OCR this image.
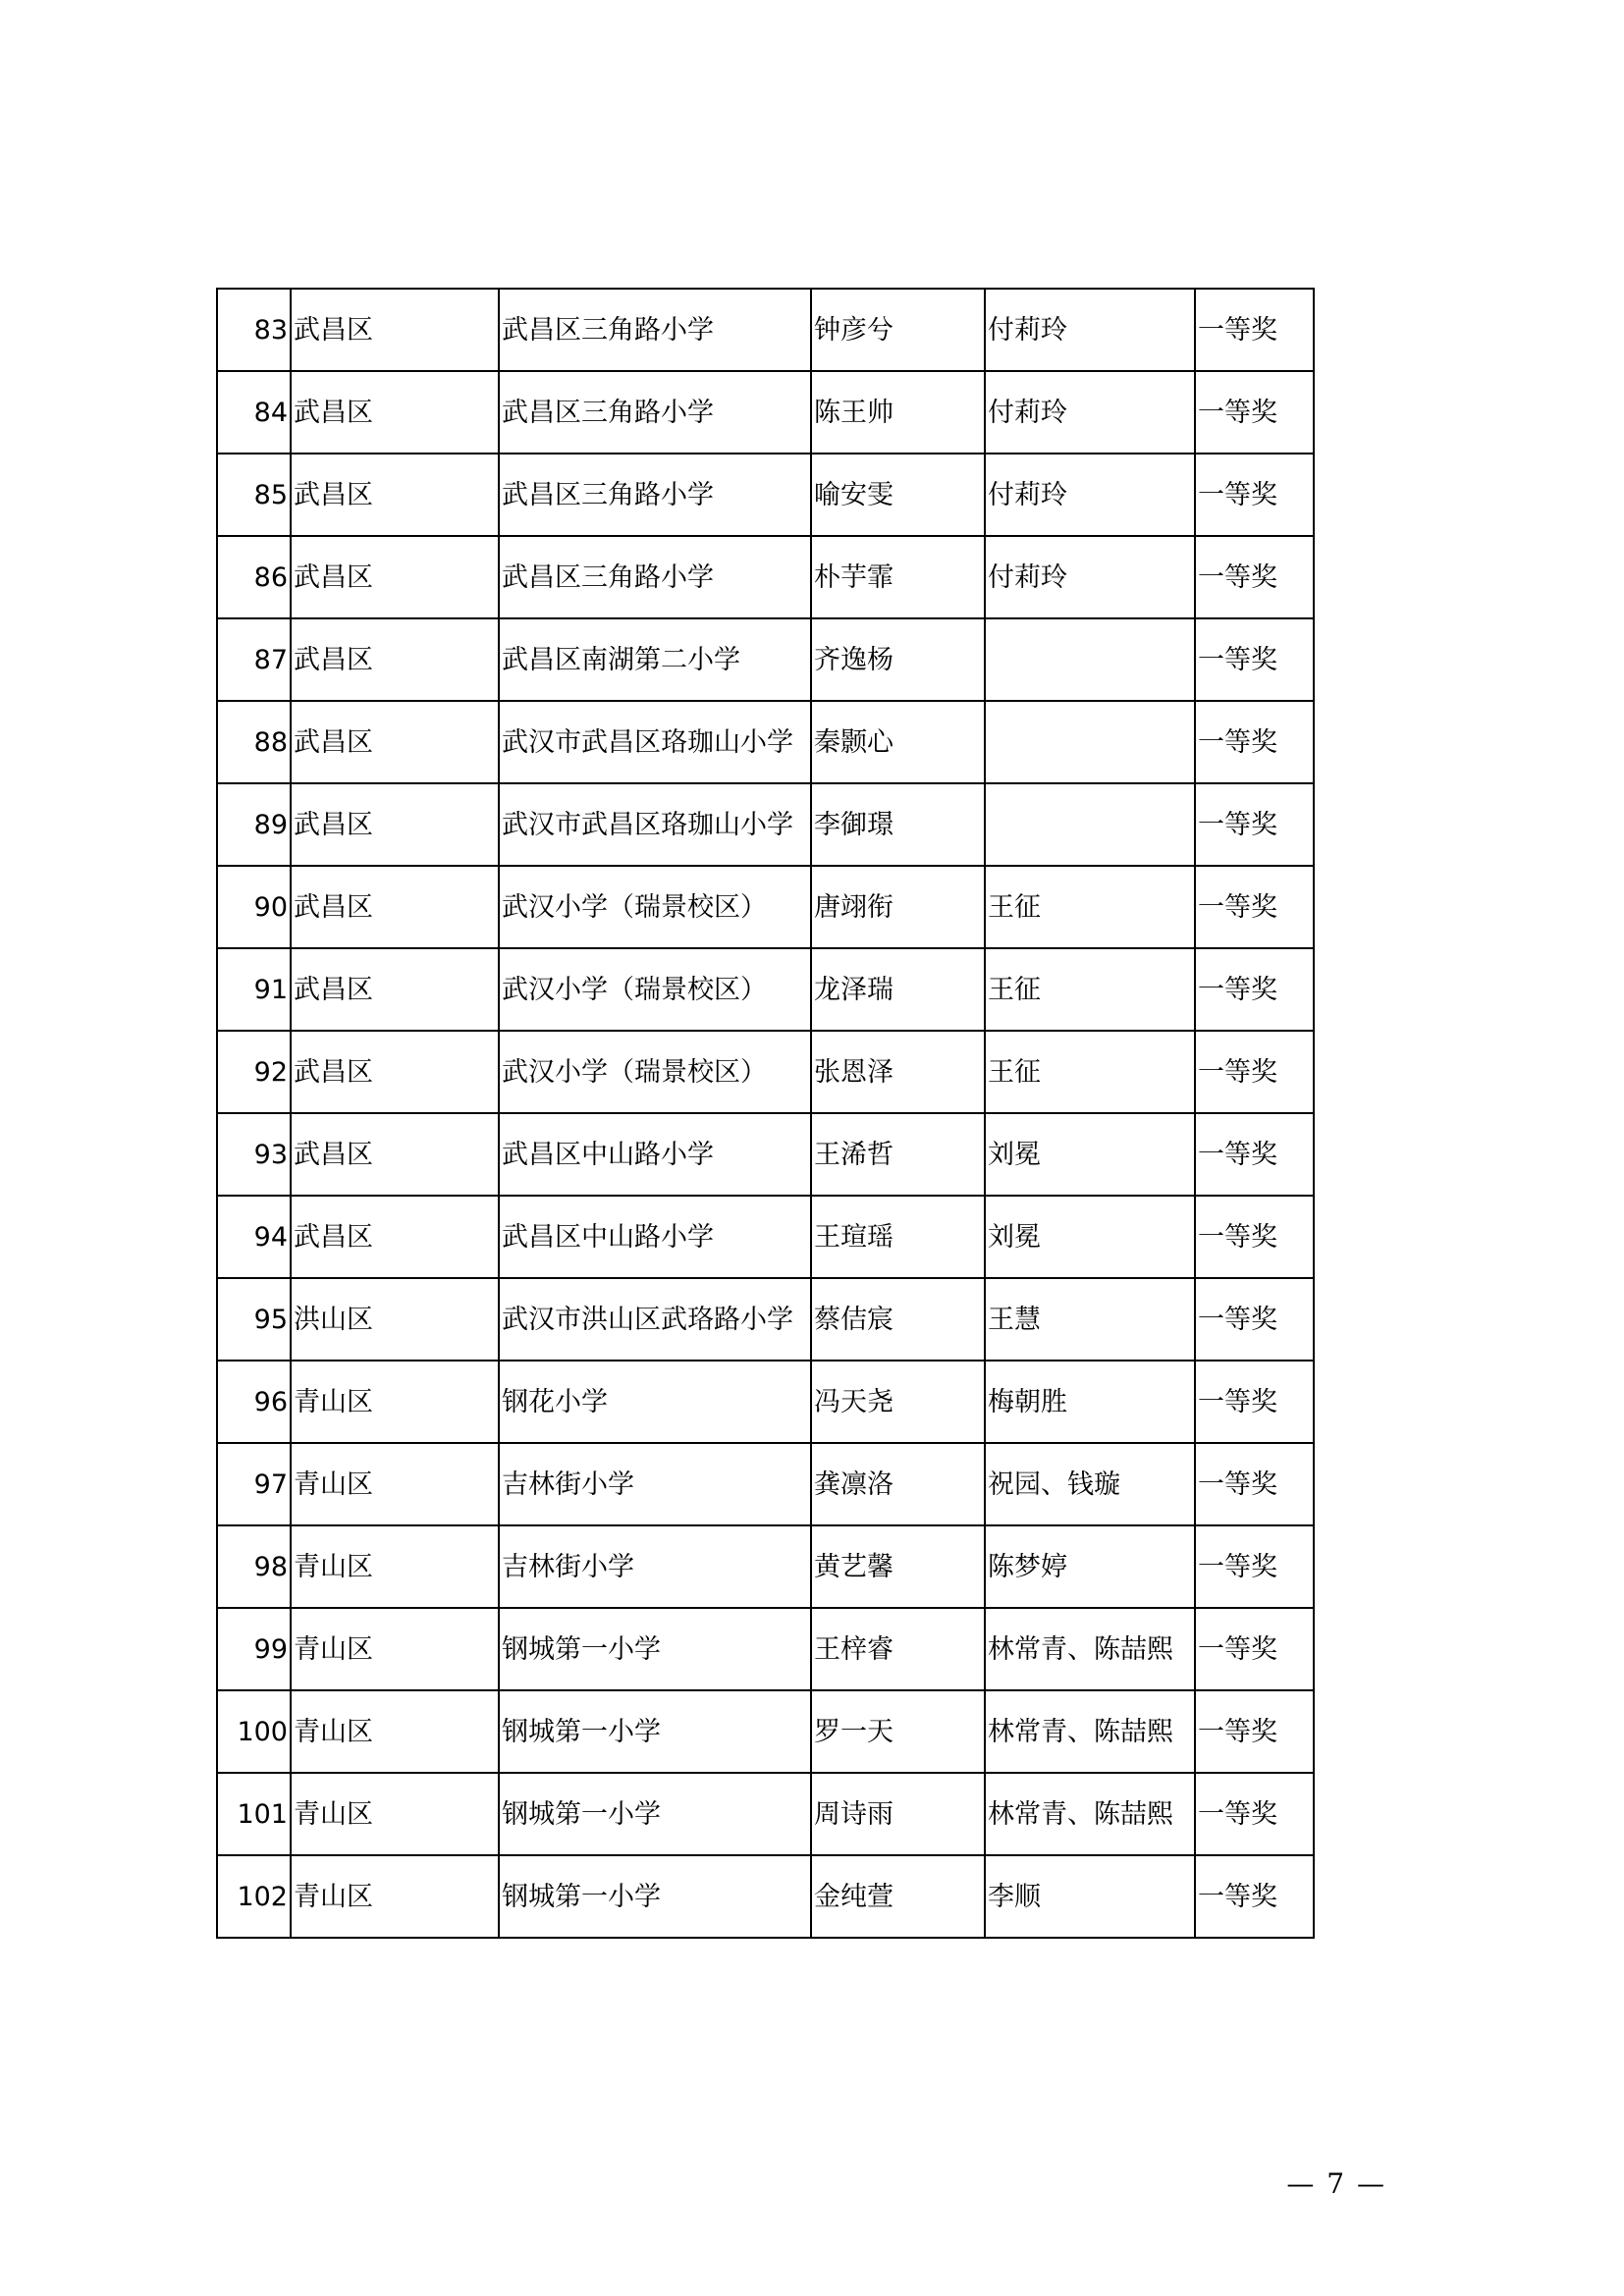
83	武昌区	武昌区三角路小学	钟彦兮	付莉玲	一等奖
84	武昌区	武昌区三角路小学	陈王帅	付莉玲	一等奖
85	武昌区	武昌区三角路小学	喻安雯	付莉玲	一等奖
86	武昌区	武昌区三角路小学	朴芋霏	付莉玲	一等奖
87	武昌区	武昌区南湖第二小学	齐逸杨		一等奖
88	武昌区	武汉市武昌区珞珈山小学	秦颢心		一等奖
89	武昌区	武汉市武昌区珞珈山小学	李御璟		一等奖
90	武昌区	武汉小学（瑞景校区）	唐翊衔	王征	一等奖
91	武昌区	武汉小学（瑞景校区）	龙泽瑞	王征	一等奖
92	武昌区	武汉小学（瑞景校区）	张恩泽	王征	一等奖
93	武昌区	武昌区中山路小学	王浠哲	刘冕	一等奖
94	武昌区	武昌区中山路小学	王瑄瑶	刘冕	一等奖
95	洪山区	武汉市洪山区武珞路小学	蔡佶宸	王慧	一等奖
96	青山区	钢花小学	冯天尧	梅朝胜	一等奖
97	青山区	吉林街小学	龚凛洛	祝园、钱璇	一等奖
98	青山区	吉林街小学	黄艺馨	陈梦婷	一等奖
99	青山区	钢城第一小学	王梓睿	林常青、陈喆熙	一等奖
100	青山区	钢城第一小学	罗一天	林常青、陈喆熙	一等奖
101	青山区	钢城第一小学	周诗雨	林常青、陈喆熙	一等奖
102	青山区	钢城第一小学	金纯萱	李顺	一等奖
— 7 —
